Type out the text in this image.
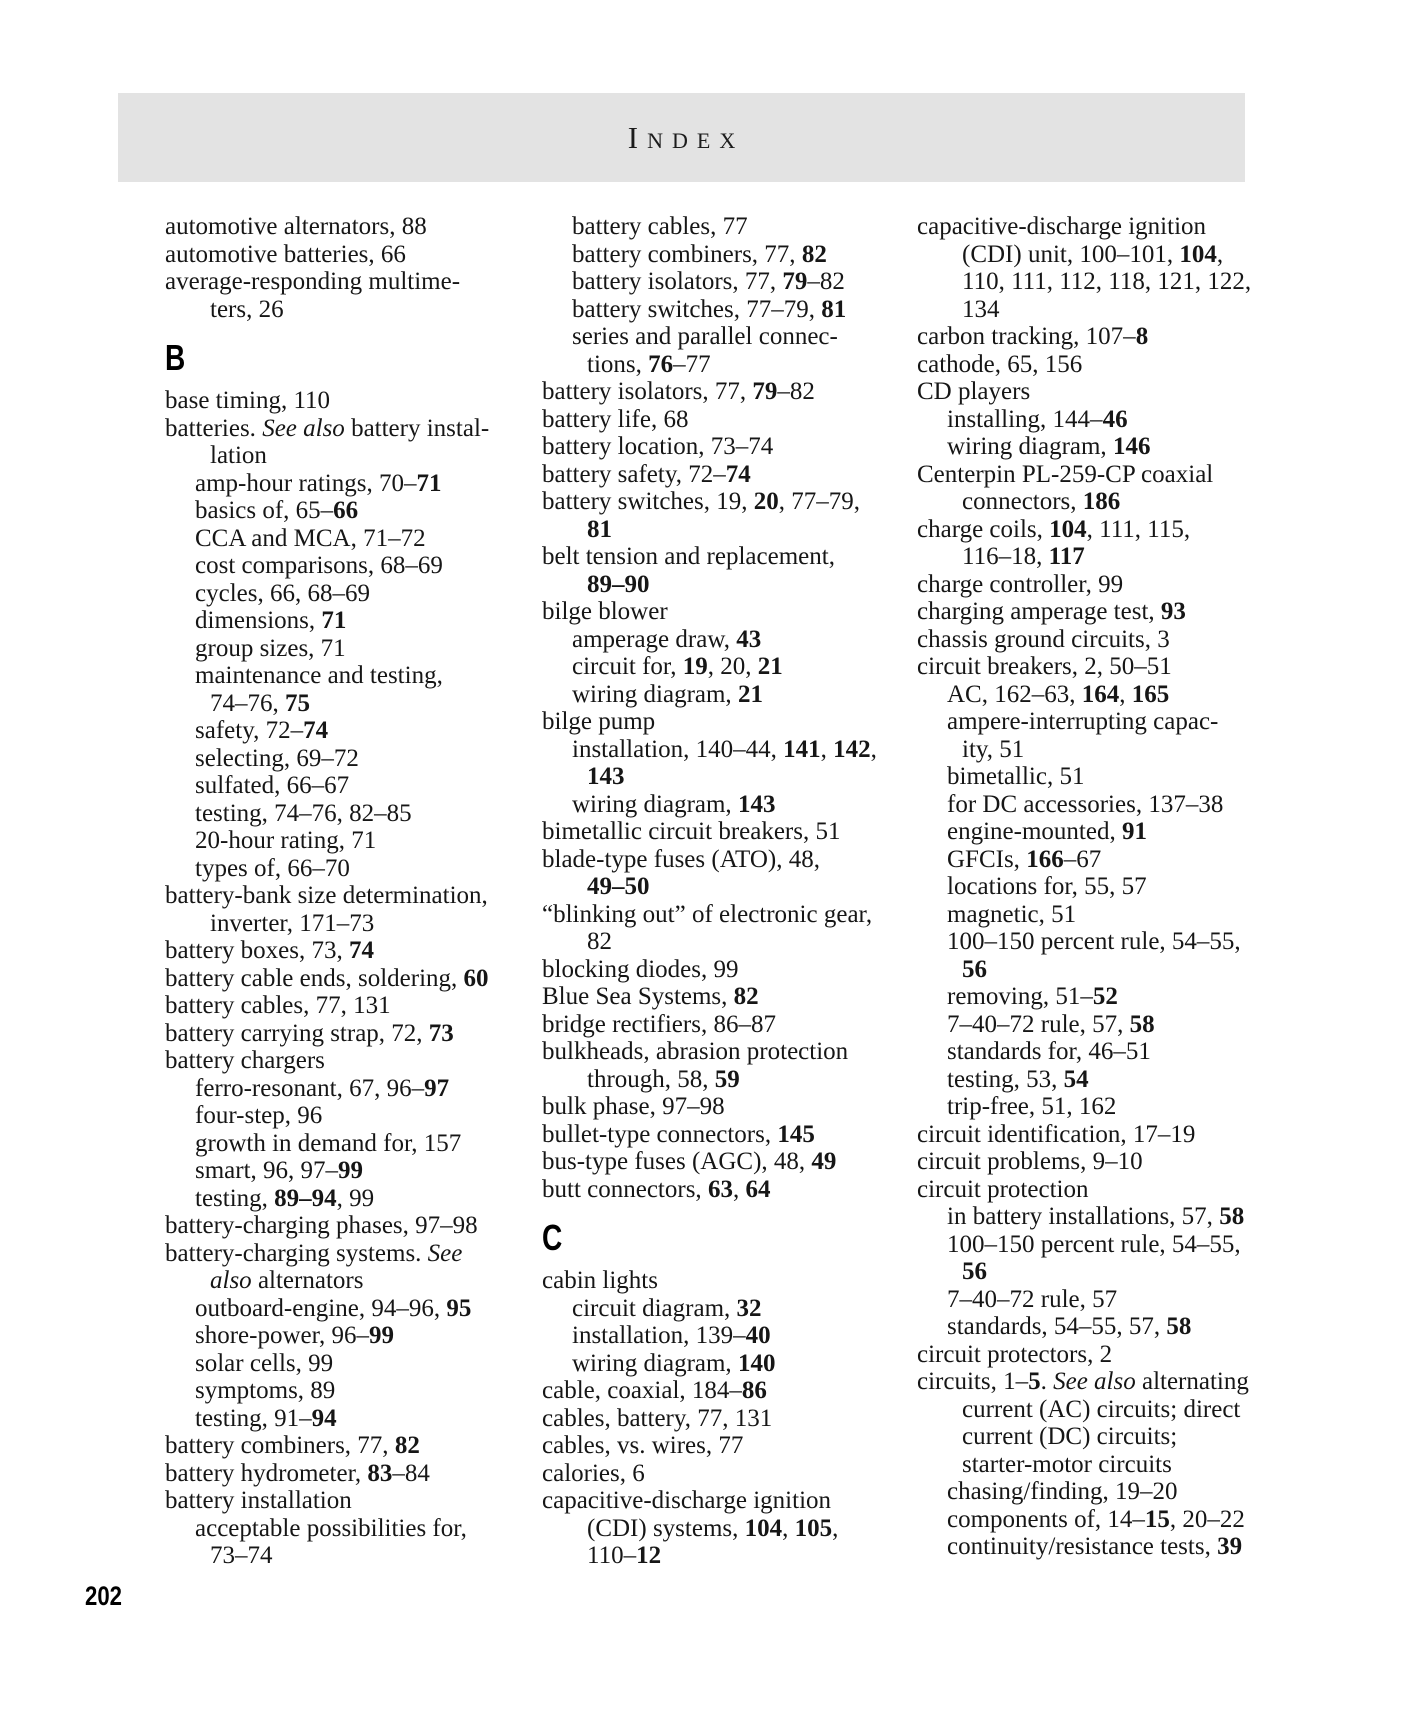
Index
automotive alternators, 88
automotive batteries, 66
average-responding multime-
ters, 26
B
base timing, 110
batteries. See also battery instal-
lation
amp-hour ratings, 70–71
basics of, 65–66
CCA and MCA, 71–72
cost comparisons, 68–69
cycles, 66, 68–69
dimensions, 71
group sizes, 71
maintenance and testing,
74–76, 75
safety, 72–74
selecting, 69–72
sulfated, 66–67
testing, 74–76, 82–85
20-hour rating, 71
types of, 66–70
battery-bank size determination,
inverter, 171–73
battery boxes, 73, 74
battery cable ends, soldering, 60
battery cables, 77, 131
battery carrying strap, 72, 73
battery chargers
ferro-resonant, 67, 96–97
four-step, 96
growth in demand for, 157
smart, 96, 97–99
testing, 89–94, 99
battery-charging phases, 97–98
battery-charging systems. See
also alternators
outboard-engine, 94–96, 95
shore-power, 96–99
solar cells, 99
symptoms, 89
testing, 91–94
battery combiners, 77, 82
battery hydrometer, 83–84
battery installation
acceptable possibilities for,
73–74
battery cables, 77
battery combiners, 77, 82
battery isolators, 77, 79–82
battery switches, 77–79, 81
series and parallel connec-
tions, 76–77
battery isolators, 77, 79–82
battery life, 68
battery location, 73–74
battery safety, 72–74
battery switches, 19, 20, 77–79,
81
belt tension and replacement,
89–90
bilge blower
amperage draw, 43
circuit for, 19, 20, 21
wiring diagram, 21
bilge pump
installation, 140–44, 141, 142,
143
wiring diagram, 143
bimetallic circuit breakers, 51
blade-type fuses (ATO), 48,
49–50
“blinking out” of electronic gear,
82
blocking diodes, 99
Blue Sea Systems, 82
bridge rectifiers, 86–87
bulkheads, abrasion protection
through, 58, 59
bulk phase, 97–98
bullet-type connectors, 145
bus-type fuses (AGC), 48, 49
butt connectors, 63, 64
C
cabin lights
circuit diagram, 32
installation, 139–40
wiring diagram, 140
cable, coaxial, 184–86
cables, battery, 77, 131
cables, vs. wires, 77
calories, 6
capacitive-discharge ignition
(CDI) systems, 104, 105,
110–12
capacitive-discharge ignition
(CDI) unit, 100–101, 104,
110, 111, 112, 118, 121, 122,
134
carbon tracking, 107–8
cathode, 65, 156
CD players
installing, 144–46
wiring diagram, 146
Centerpin PL-259-CP coaxial
connectors, 186
charge coils, 104, 111, 115,
116–18, 117
charge controller, 99
charging amperage test, 93
chassis ground circuits, 3
circuit breakers, 2, 50–51
AC, 162–63, 164, 165
ampere-interrupting capac-
ity, 51
bimetallic, 51
for DC accessories, 137–38
engine-mounted, 91
GFCIs, 166–67
locations for, 55, 57
magnetic, 51
100–150 percent rule, 54–55,
56
removing, 51–52
7–40–72 rule, 57, 58
standards for, 46–51
testing, 53, 54
trip-free, 51, 162
circuit identification, 17–19
circuit problems, 9–10
circuit protection
in battery installations, 57, 58
100–150 percent rule, 54–55,
56
7–40–72 rule, 57
standards, 54–55, 57, 58
circuit protectors, 2
circuits, 1–5. See also alternating
current (AC) circuits; direct
current (DC) circuits;
starter-motor circuits
chasing/finding, 19–20
components of, 14–15, 20–22
continuity/resistance tests, 39
202
